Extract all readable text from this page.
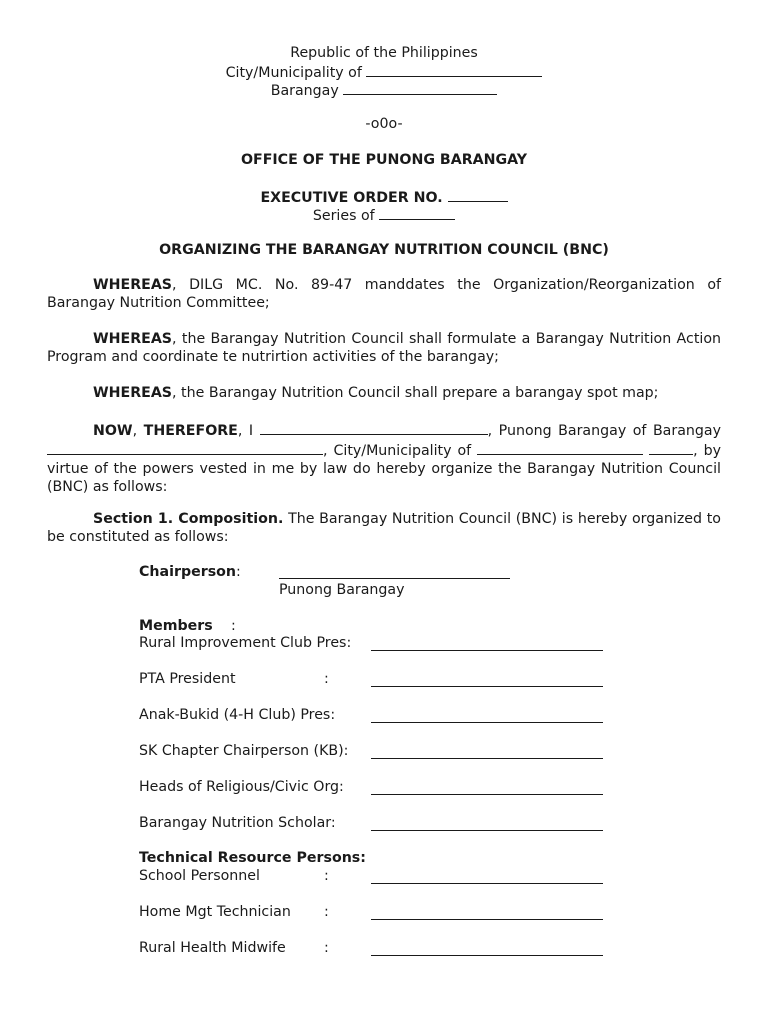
Republic of the Philippines
City/Municipality of
Barangay
-o0o-
OFFICE OF THE PUNONG BARANGAY
EXECUTIVE ORDER NO.
Series of
ORGANIZING THE BARANGAY NUTRITION COUNCIL (BNC)
WHEREAS, DILG MC. No. 89-47 manddates the Organization/Reorganization of Barangay Nutrition Committee;
WHEREAS, the Barangay Nutrition Council shall formulate a Barangay Nutrition Action Program and coordinate te nutrirtion activities of the barangay;
WHEREAS, the Barangay Nutrition Council shall prepare a barangay spot map;
NOW, THEREFORE, I	, Punong Barangay of Barangay , City/Municipality of	, by virtue of the powers vested in me by law do hereby organize the Barangay Nutrition Council (BNC) as follows:
Section 1. Composition. The Barangay Nutrition Council (BNC) is hereby organized to be constituted as follows:
Chairperson:
Punong Barangay
Members :
Rural Improvement Club Pres:
PTA President	:
Anak-Bukid (4-H Club) Pres:
SK Chapter Chairperson (KB):
Heads of Religious/Civic Org:
Barangay Nutrition Scholar:
Technical Resource Persons:
School Personnel	:
Home Mgt Technician :
Rural Health Midwife	:
